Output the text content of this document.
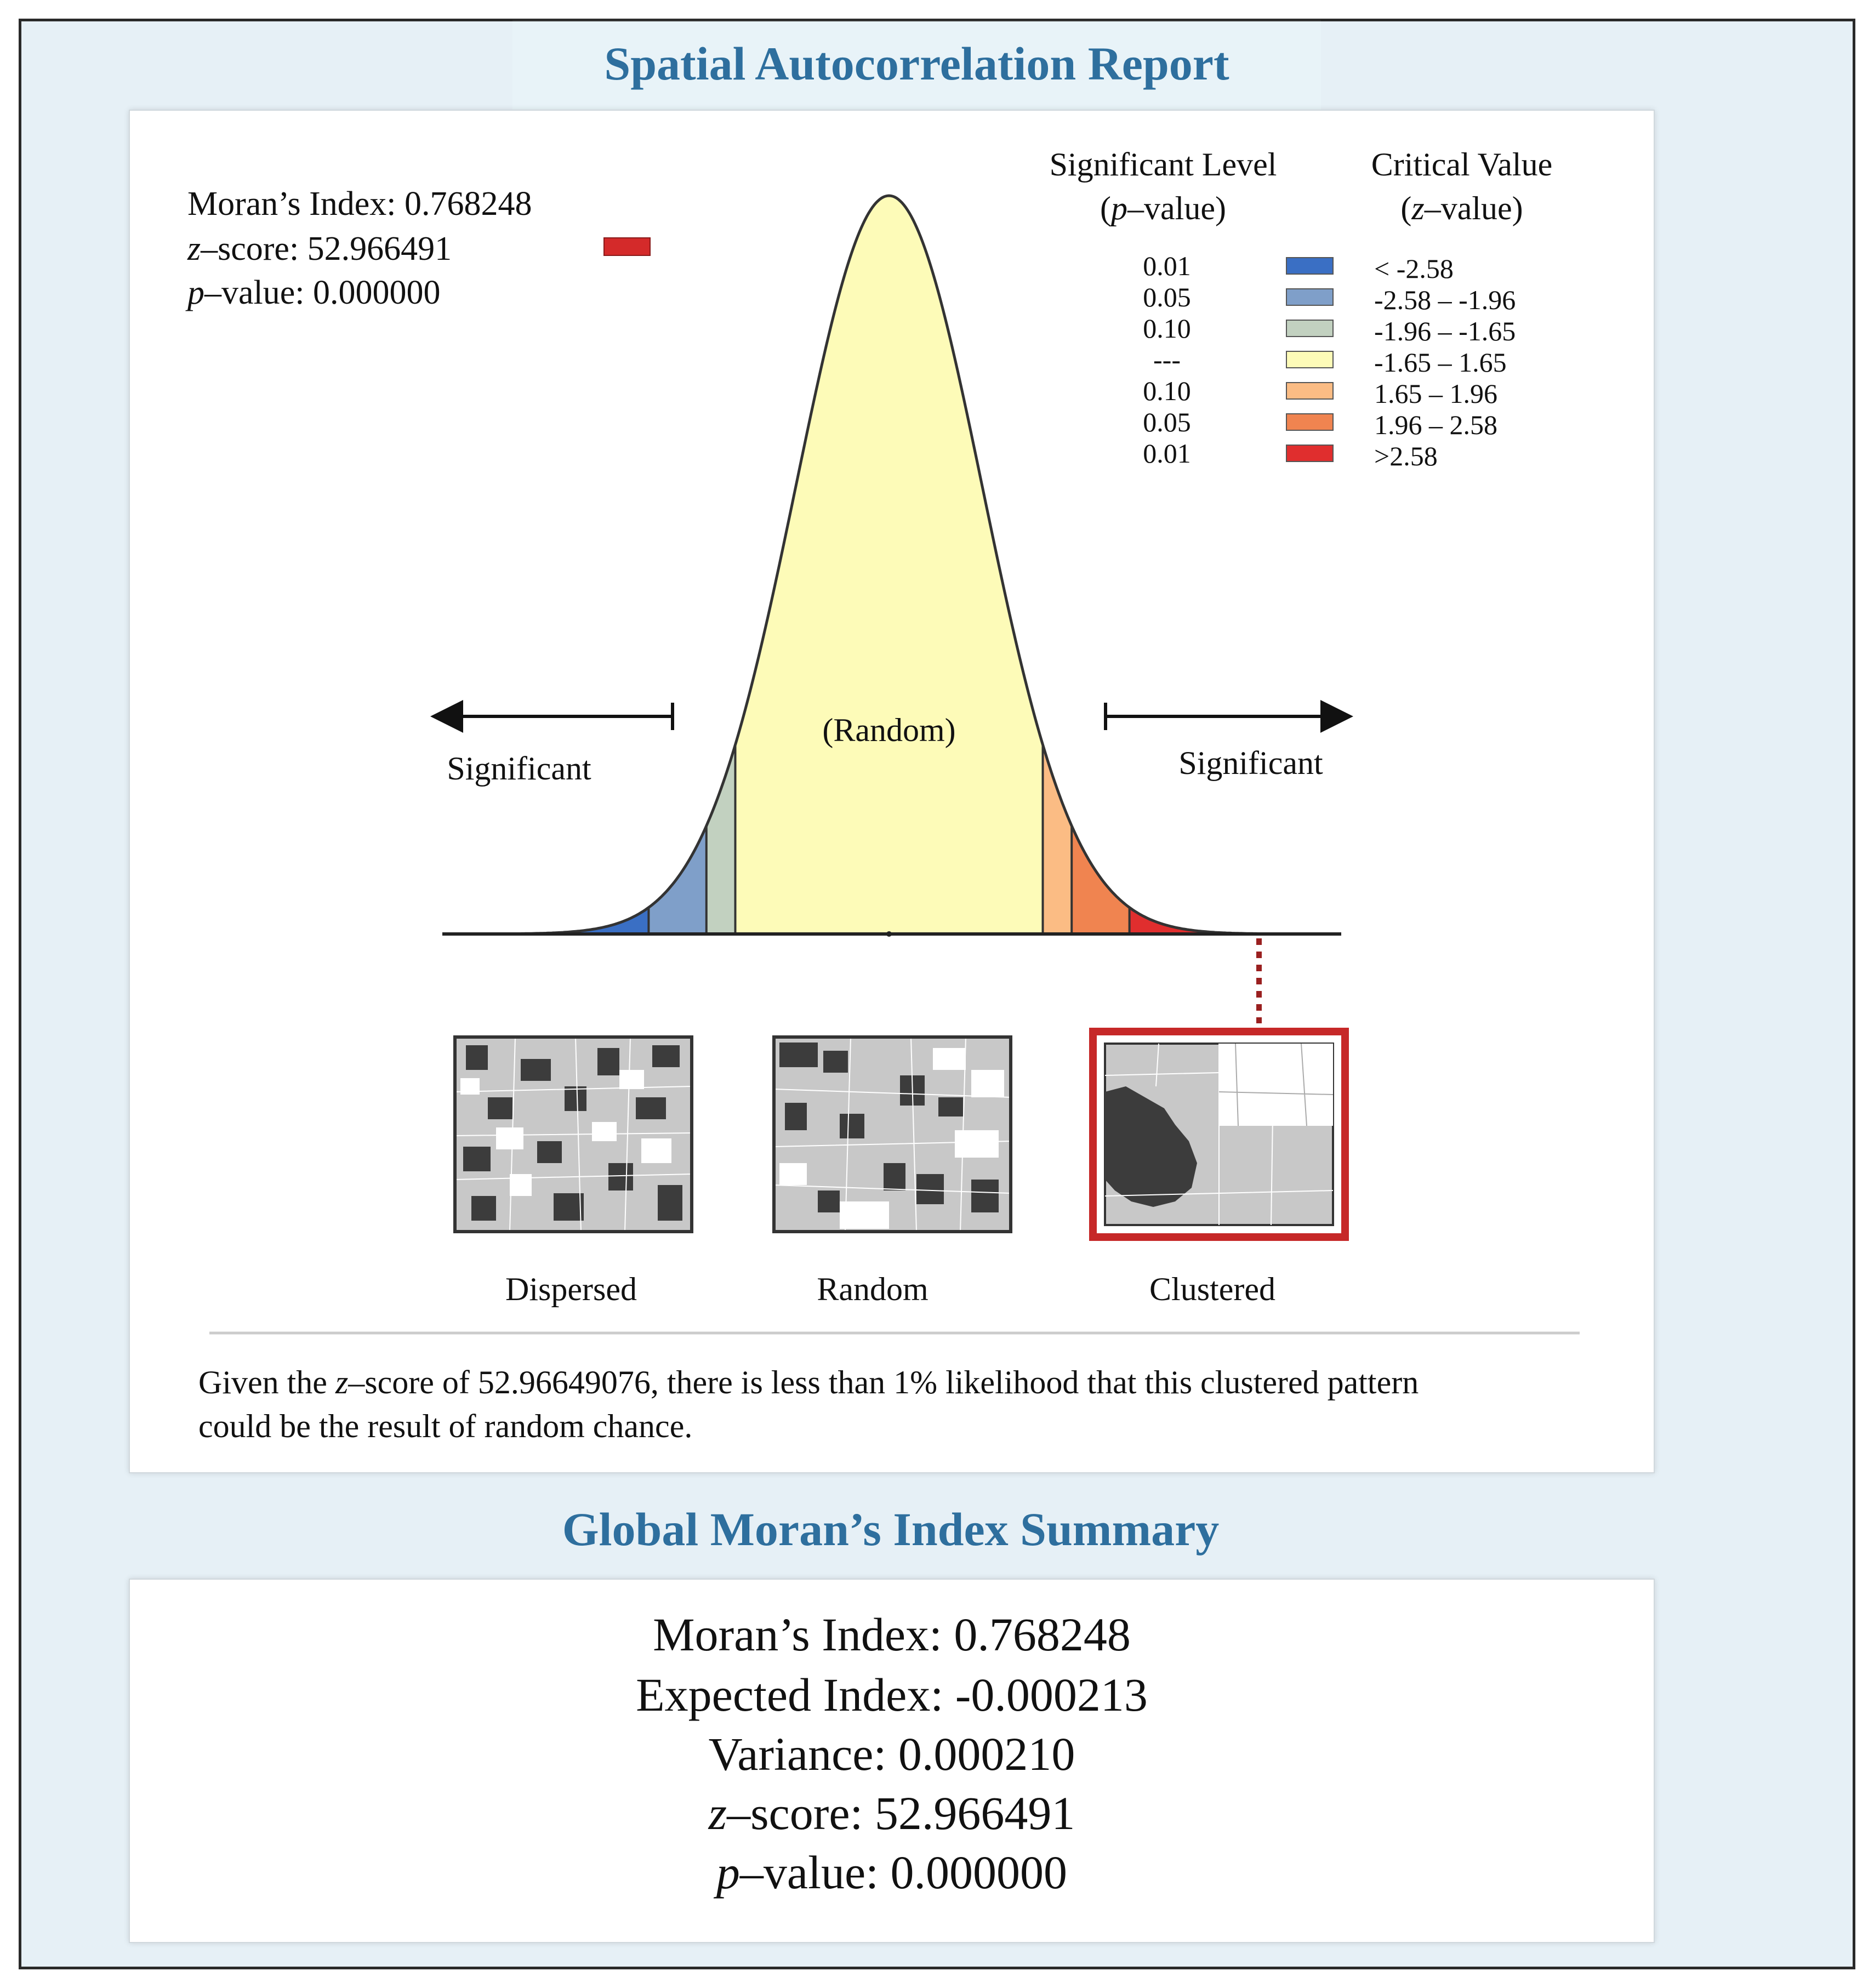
Spatial Autocorrelation Report
Moran’s Index: 0.768248
z–score: 52.966491
p–value: 0.000000
(Random)
Significant	Significant
Significant Level
(p–value)
Critical Value
(z–value)
0.01	< -2.58
0.05	-2.58 – -1.96
0.10	-1.96 – -1.65
---	-1.65 – 1.65
0.10	1.65 – 1.96
0.05	1.96 – 2.58
0.01	>2.58
Dispersed	Random	Clustered
Given the z–score of 52.96649076, there is less than 1% likelihood that this clustered pattern
could be the result of random chance.
Global Moran’s Index Summary

Moran’s Index: 0.768248

Expected Index: -0.000213

Variance: 0.000210

z–score: 52.966491

p–value: 0.000000
